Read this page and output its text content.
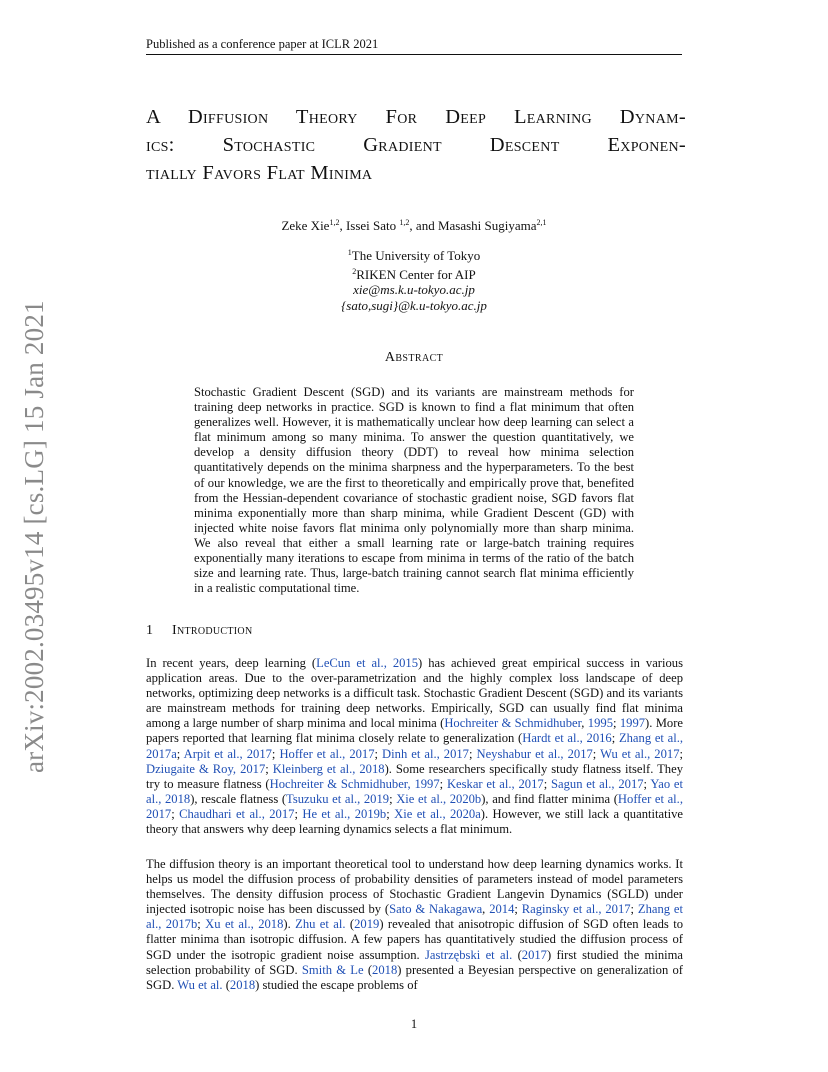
Published as a conference paper at ICLR 2021
arXiv:2002.03495v14 [cs.LG] 15 Jan 2021
A Diffusion Theory For Deep Learning Dynam-
ics: Stochastic Gradient Descent Exponen-
tially Favors Flat Minima
Zeke Xie$^{1,2}$, Issei Sato $^{1,2}$, and Masashi Sugiyama$^{2,1}$
$^1$The University of Tokyo
$^2$RIKEN Center for AIP
xie@ms.k.u-tokyo.ac.jp
{sato,sugi}@k.u-tokyo.ac.jp
Abstract
Stochastic Gradient Descent (SGD) and its variants are mainstream methods for training deep networks in practice. SGD is known to find a flat minimum that often generalizes well. However, it is mathematically unclear how deep learning can select a flat minimum among so many minima. To answer the question quantitatively, we develop a density diffusion theory (DDT) to reveal how minima selection quantitatively depends on the minima sharpness and the hyperparameters. To the best of our knowledge, we are the first to theoretically and empirically prove that, benefited from the Hessian-dependent covariance of stochastic gradient noise, SGD favors flat minima exponentially more than sharp minima, while Gradient Descent (GD) with injected white noise favors flat minima only polynomially more than sharp minima. We also reveal that either a small learning rate or large-batch training requires exponentially many iterations to escape from minima in terms of the ratio of the batch size and learning rate. Thus, large-batch training cannot search flat minima efficiently in a realistic computational time.
1 Introduction
In recent years, deep learning (LeCun et al., 2015) has achieved great empirical success in various application areas. Due to the over-parametrization and the highly complex loss landscape of deep networks, optimizing deep networks is a difficult task. Stochastic Gradient Descent (SGD) and its variants are mainstream methods for training deep networks. Empirically, SGD can usually find flat minima among a large number of sharp minima and local minima (Hochreiter & Schmidhuber, 1995; 1997). More papers reported that learning flat minima closely relate to generalization (Hardt et al., 2016; Zhang et al., 2017a; Arpit et al., 2017; Hoffer et al., 2017; Dinh et al., 2017; Neyshabur et al., 2017; Wu et al., 2017; Dziugaite & Roy, 2017; Kleinberg et al., 2018). Some researchers specifically study flatness itself. They try to measure flatness (Hochreiter & Schmidhuber, 1997; Keskar et al., 2017; Sagun et al., 2017; Yao et al., 2018), rescale flatness (Tsuzuku et al., 2019; Xie et al., 2020b), and find flatter minima (Hoffer et al., 2017; Chaudhari et al., 2017; He et al., 2019b; Xie et al., 2020a). However, we still lack a quantitative theory that answers why deep learning dynamics selects a flat minimum.
The diffusion theory is an important theoretical tool to understand how deep learning dynamics works. It helps us model the diffusion process of probability densities of parameters instead of model parameters themselves. The density diffusion process of Stochastic Gradient Langevin Dynamics (SGLD) under injected isotropic noise has been discussed by (Sato & Nakagawa, 2014; Raginsky et al., 2017; Zhang et al., 2017b; Xu et al., 2018). Zhu et al. (2019) revealed that anisotropic diffusion of SGD often leads to flatter minima than isotropic diffusion. A few papers has quantitatively studied the diffusion process of SGD under the isotropic gradient noise assumption. Jastrzębski et al. (2017) first studied the minima selection probability of SGD. Smith & Le (2018) presented a Beyesian perspective on generalization of SGD. Wu et al. (2018) studied the escape problems of
1
